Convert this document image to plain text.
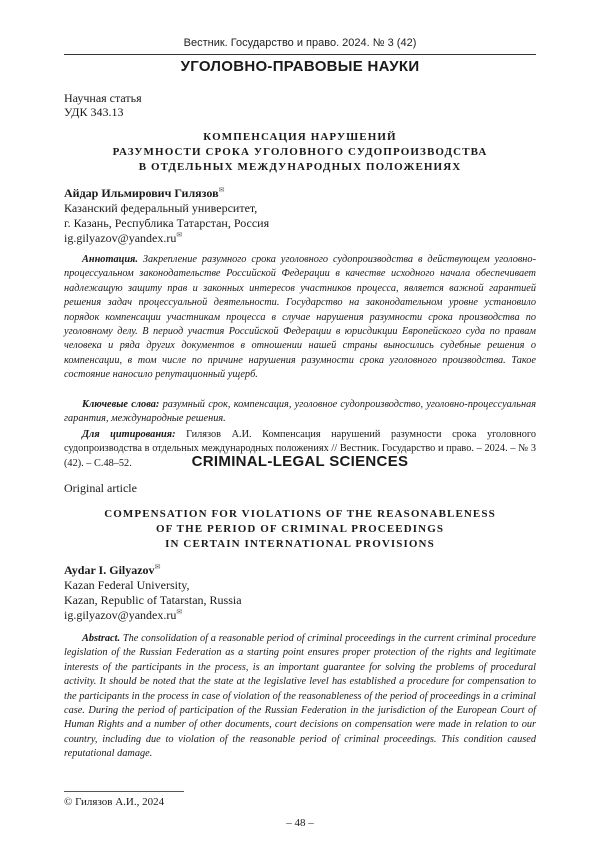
Вестник. Государство и право. 2024. № 3 (42)
УГОЛОВНО-ПРАВОВЫЕ НАУКИ
Научная статья
УДК 343.13
КОМПЕНСАЦИЯ НАРУШЕНИЙ
РАЗУМНОСТИ СРОКА УГОЛОВНОГО СУДОПРОИЗВОДСТВА
В ОТДЕЛЬНЫХ МЕЖДУНАРОДНЫХ ПОЛОЖЕНИЯХ
Айдар Ильмирович Гилязов✉
Казанский федеральный университет,
г. Казань, Республика Татарстан, Россия
ig.gilyazov@yandex.ru✉

Аннотация. Закрепление разумного срока уголовного судопроизводства в действующем уголовно-процессуальном законодательстве Российской Федерации в качестве исходного начала обеспечивает надлежащую защиту прав и законных интересов участников процесса, является важной гарантией решения задач процессуальной деятельности. Государство на законодательном уровне установило порядок компенсации участникам процесса в случае нарушения разумности срока производства по уголовному делу. В период участия Российской Федерации в юрисдикции Европейского суда по правам человека и ряда других документов в отношении нашей страны выносились судебные решения о компенсации, в том числе по причине нарушения разумности срока уголовного производства. Такое состояние наносило репутационный ущерб.

Ключевые слова: разумный срок, компенсация, уголовное судопроизводство, уголовно-процессуальная гарантия, международные решения.

Для цитирования: Гилязов А.И. Компенсация нарушений разумности срока уголовного судопроизводства в отдельных международных положениях // Вестник. Государство и право. – 2024. – № 3 (42). – С.48–52.	CRIMINAL-LEGAL SCIENCES
Original article
COMPENSATION FOR VIOLATIONS OF THE REASONABLENESS
OF THE PERIOD OF CRIMINAL PROCEEDINGS
IN CERTAIN INTERNATIONAL PROVISIONS
Aydar I. Gilyazov✉
Kazan Federal University,
Kazan, Republic of Tatarstan, Russia
ig.gilyazov@yandex.ru✉

Abstract. The consolidation of a reasonable period of criminal proceedings in the current criminal procedure legislation of the Russian Federation as a starting point ensures proper protection of the rights and legitimate interests of the participants in the process, is an important guarantee for solving the problems of procedural activity. It should be noted that the state at the legislative level has established a procedure for compensation to the participants in the process in case of violation of the reasonableness of the period of proceedings in a criminal case. During the period of participation of the Russian Federation in the jurisdiction of the European Court of Human Rights and a number of other documents, court decisions on compensation were made in relation to our country, including due to violation of the reasonable period of criminal proceedings. This condition caused reputational damage.

© Гилязов А.И., 2024
– 48 –
